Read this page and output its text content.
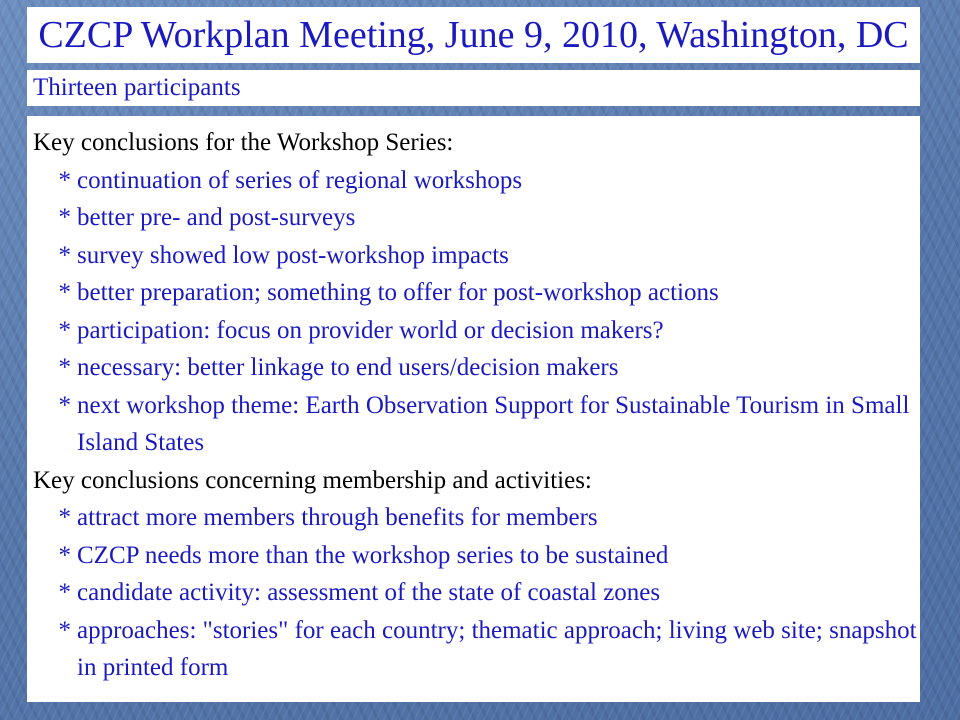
CZCP Workplan Meeting, June 9, 2010, Washington, DC
Thirteen participants
Key conclusions for the Workshop Series:
* continuation of series of regional workshops
* better pre- and post-surveys
* survey showed low post-workshop impacts
* better preparation; something to offer for post-workshop actions
* participation: focus on provider world or decision makers?
* necessary: better linkage to end users/decision makers
* next workshop theme: Earth Observation Support for Sustainable Tourism in Small Island States
Key conclusions concerning membership and activities:
* attract more members through benefits for members
* CZCP needs more than the workshop series to be sustained
* candidate activity: assessment of the state of coastal zones
* approaches: "stories" for each country; thematic approach; living web site; snapshot in printed form
